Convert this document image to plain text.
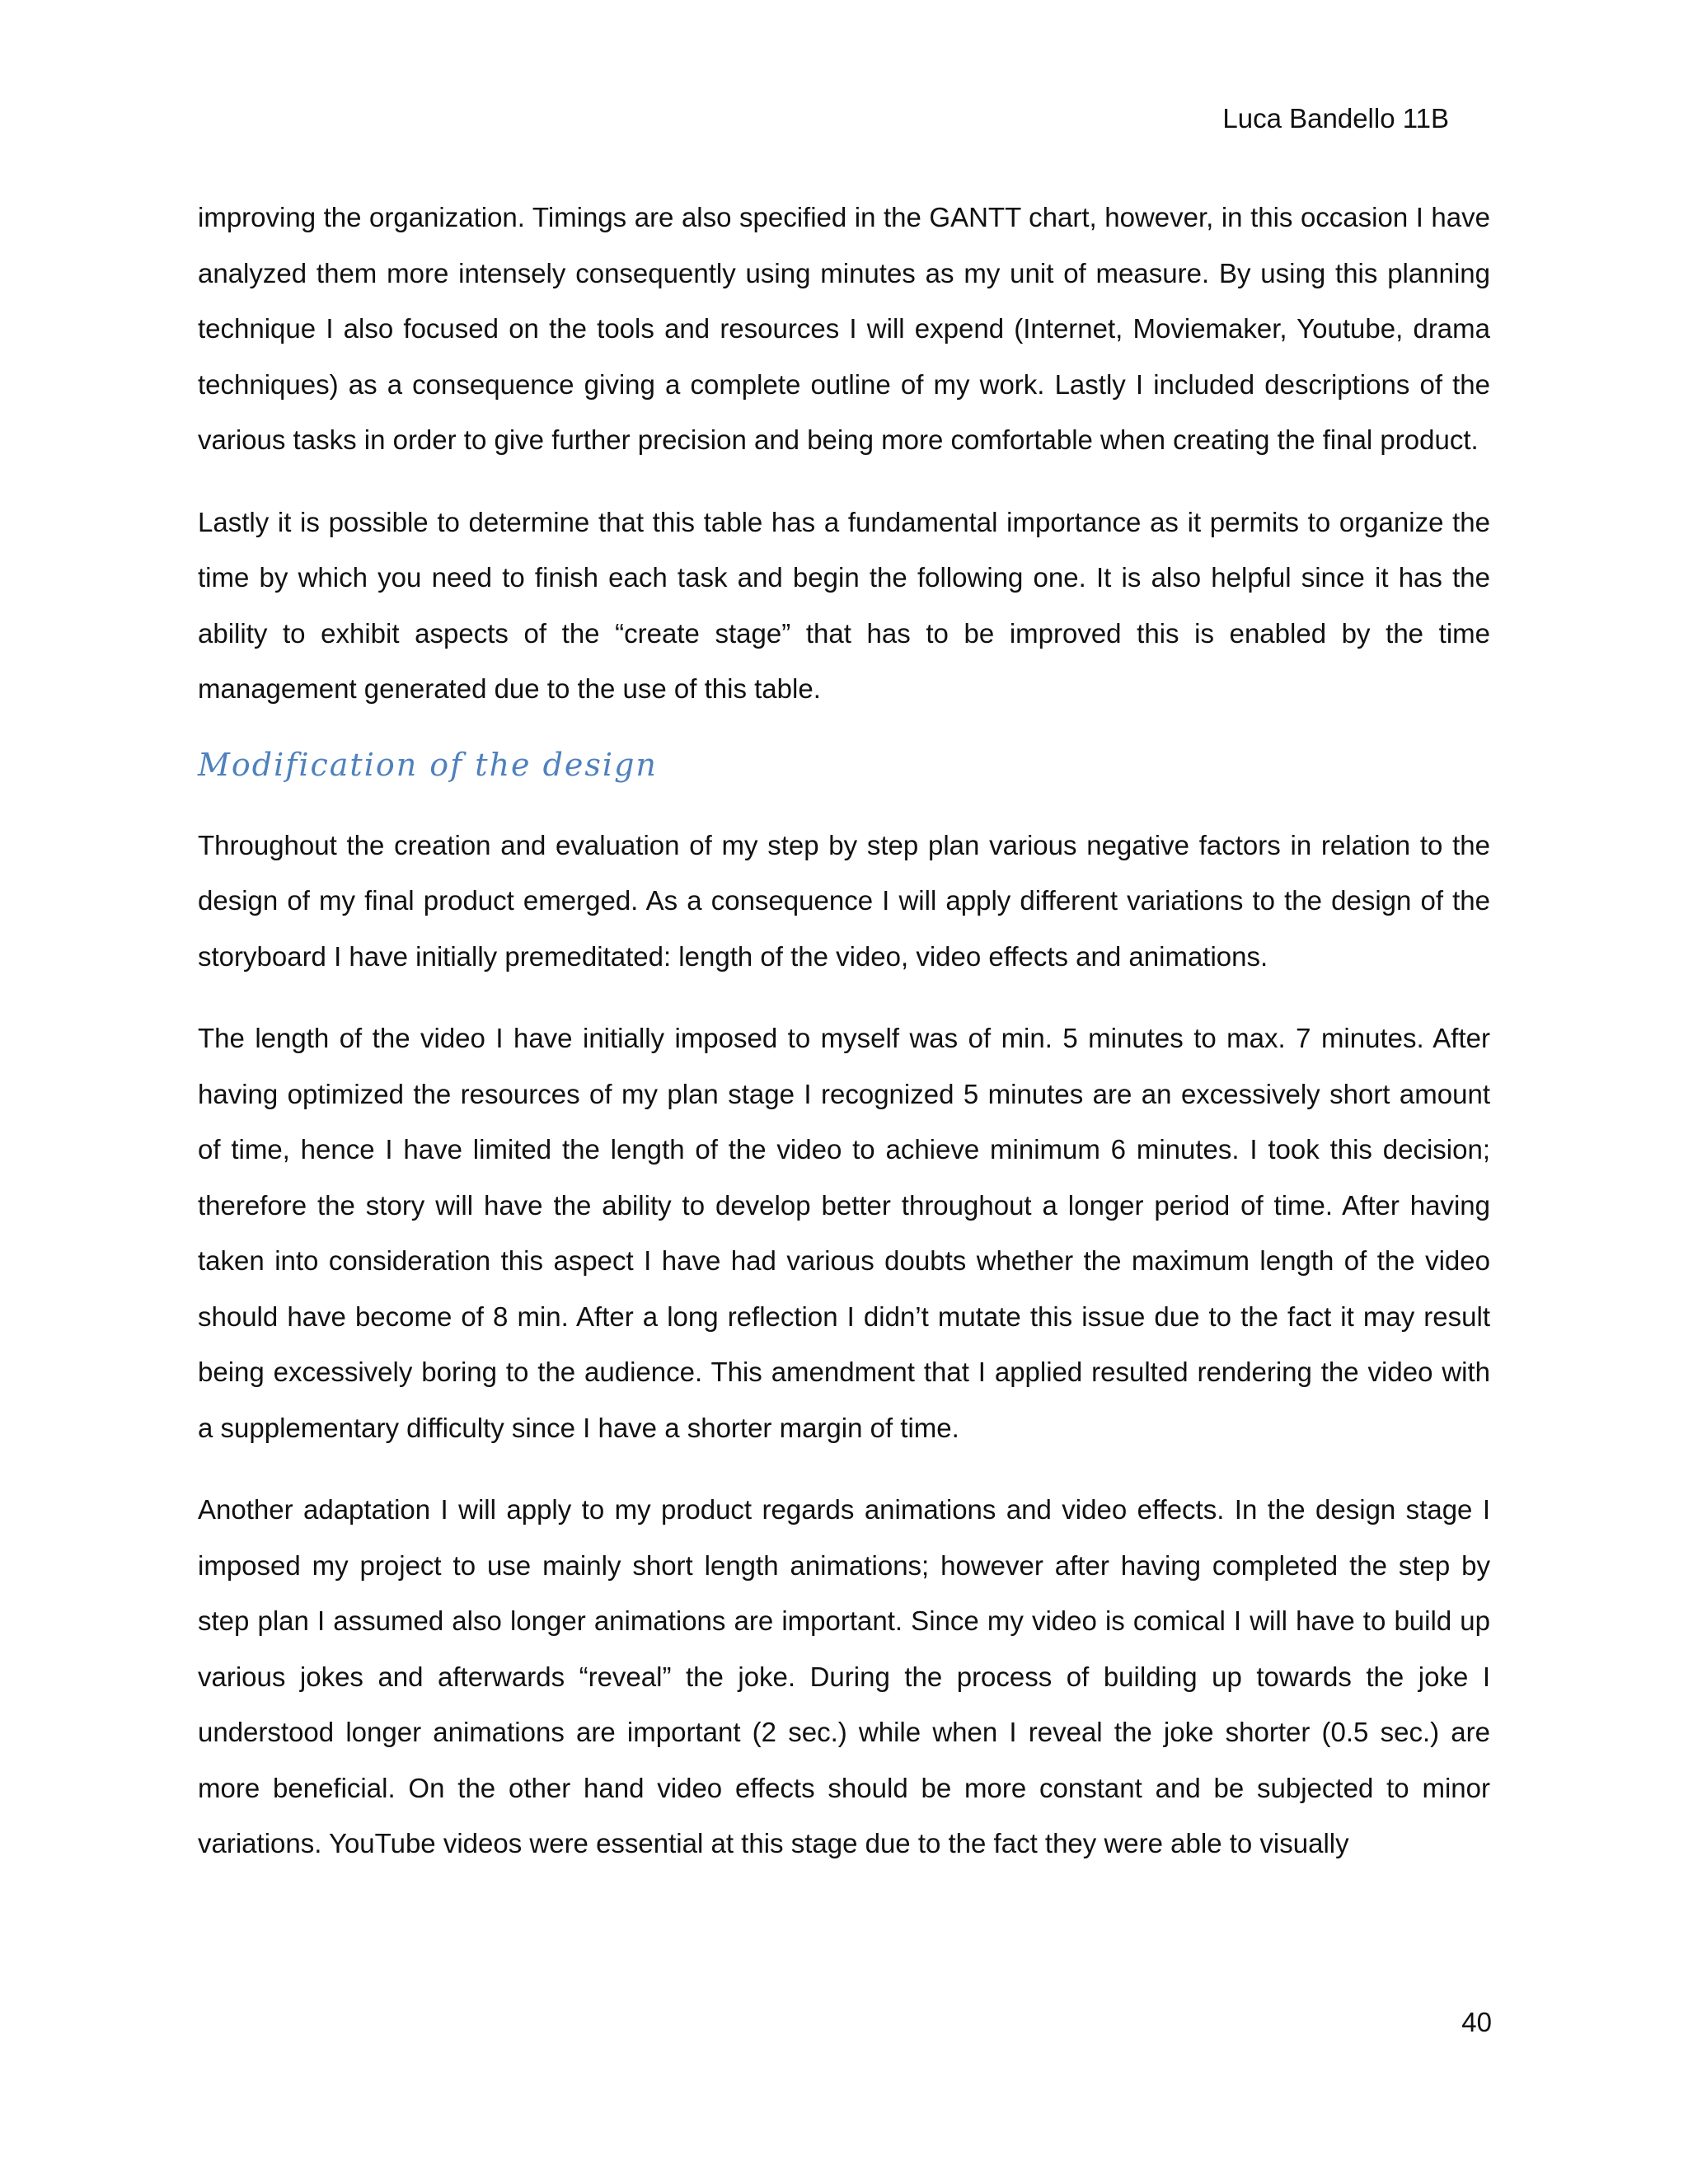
Luca Bandello 11B

improving the organization. Timings are also specified in the GANTT chart, however, in this occasion I have analyzed them more intensely consequently using minutes as my unit of measure. By using this planning technique I also focused on the tools and resources I will expend (Internet, Moviemaker, Youtube, drama techniques) as a consequence giving a complete outline of my work. Lastly I included descriptions of the various tasks in order to give further precision and being more comfortable when creating the final product.

Lastly it is possible to determine that this table has a fundamental importance as it permits to organize the time by which you need to finish each task and begin the following one. It is also helpful since it has the ability to exhibit aspects of the “create stage” that has to be improved this is enabled by the time management generated due to the use of this table.

Modification of the design

Throughout the creation and evaluation of my step by step plan various negative factors in relation to the design of my final product emerged. As a consequence I will apply different variations to the design of the storyboard I have initially premeditated: length of the video, video effects and animations.

The length of the video I have initially imposed to myself was of min. 5 minutes to max. 7 minutes. After having optimized the resources of my plan stage I recognized 5 minutes are an excessively short amount of time, hence I have limited the length of the video to achieve minimum 6 minutes. I took this decision; therefore the story will have the ability to develop better throughout a longer period of time. After having taken into consideration this aspect I have had various doubts whether the maximum length of the video should have become of 8 min. After a long reflection I didn’t mutate this issue due to the fact it may result being excessively boring to the audience. This amendment that I applied resulted rendering the video with a supplementary difficulty since I have a shorter margin of time.

Another adaptation I will apply to my product regards animations and video effects. In the design stage I imposed my project to use mainly short length animations; however after having completed the step by step plan I assumed also longer animations are important. Since my video is comical I will have to build up various jokes and afterwards “reveal” the joke. During the process of building up towards the joke I understood longer animations are important (2 sec.) while when I reveal the joke shorter (0.5 sec.) are more beneficial. On the other hand video effects should be more constant and be subjected to minor variations. YouTube videos were essential at this stage due to the fact they were able to visually

40
